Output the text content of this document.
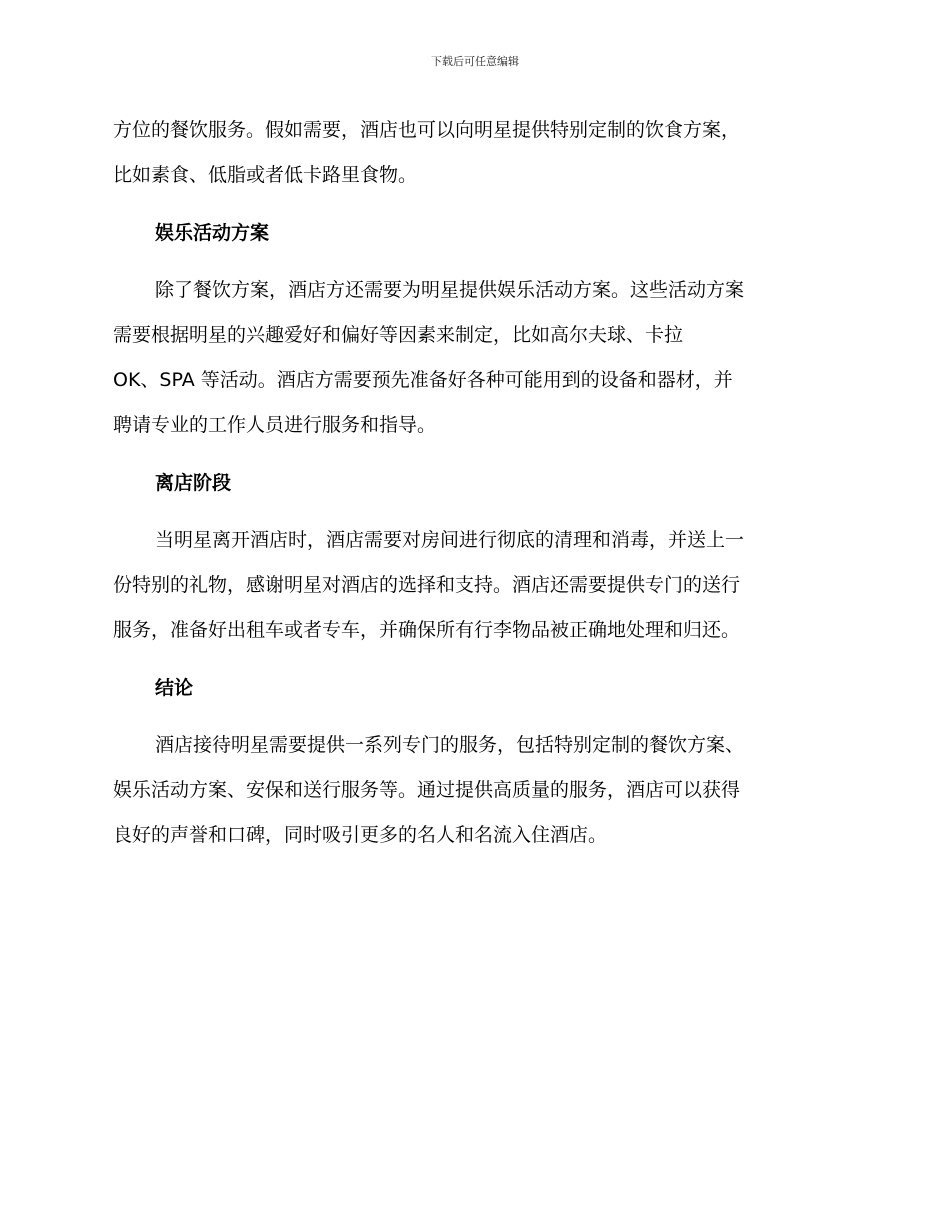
下载后可任意编辑

方位的餐饮服务。假如需要，酒店也可以向明星提供特别定制的饮食方案，

比如素食、低脂或者低卡路里食物。

娱乐活动方案

除了餐饮方案，酒店方还需要为明星提供娱乐活动方案。这些活动方案

需要根据明星的兴趣爱好和偏好等因素来制定，比如高尔夫球、卡拉

OK、SPA 等活动。酒店方需要预先准备好各种可能用到的设备和器材，并

聘请专业的工作人员进行服务和指导。

离店阶段

当明星离开酒店时，酒店需要对房间进行彻底的清理和消毒，并送上一

份特别的礼物，感谢明星对酒店的选择和支持。酒店还需要提供专门的送行

服务，准备好出租车或者专车，并确保所有行李物品被正确地处理和归还。

结论

酒店接待明星需要提供一系列专门的服务，包括特别定制的餐饮方案、

娱乐活动方案、安保和送行服务等。通过提供高质量的服务，酒店可以获得

良好的声誉和口碑，同时吸引更多的名人和名流入住酒店。
